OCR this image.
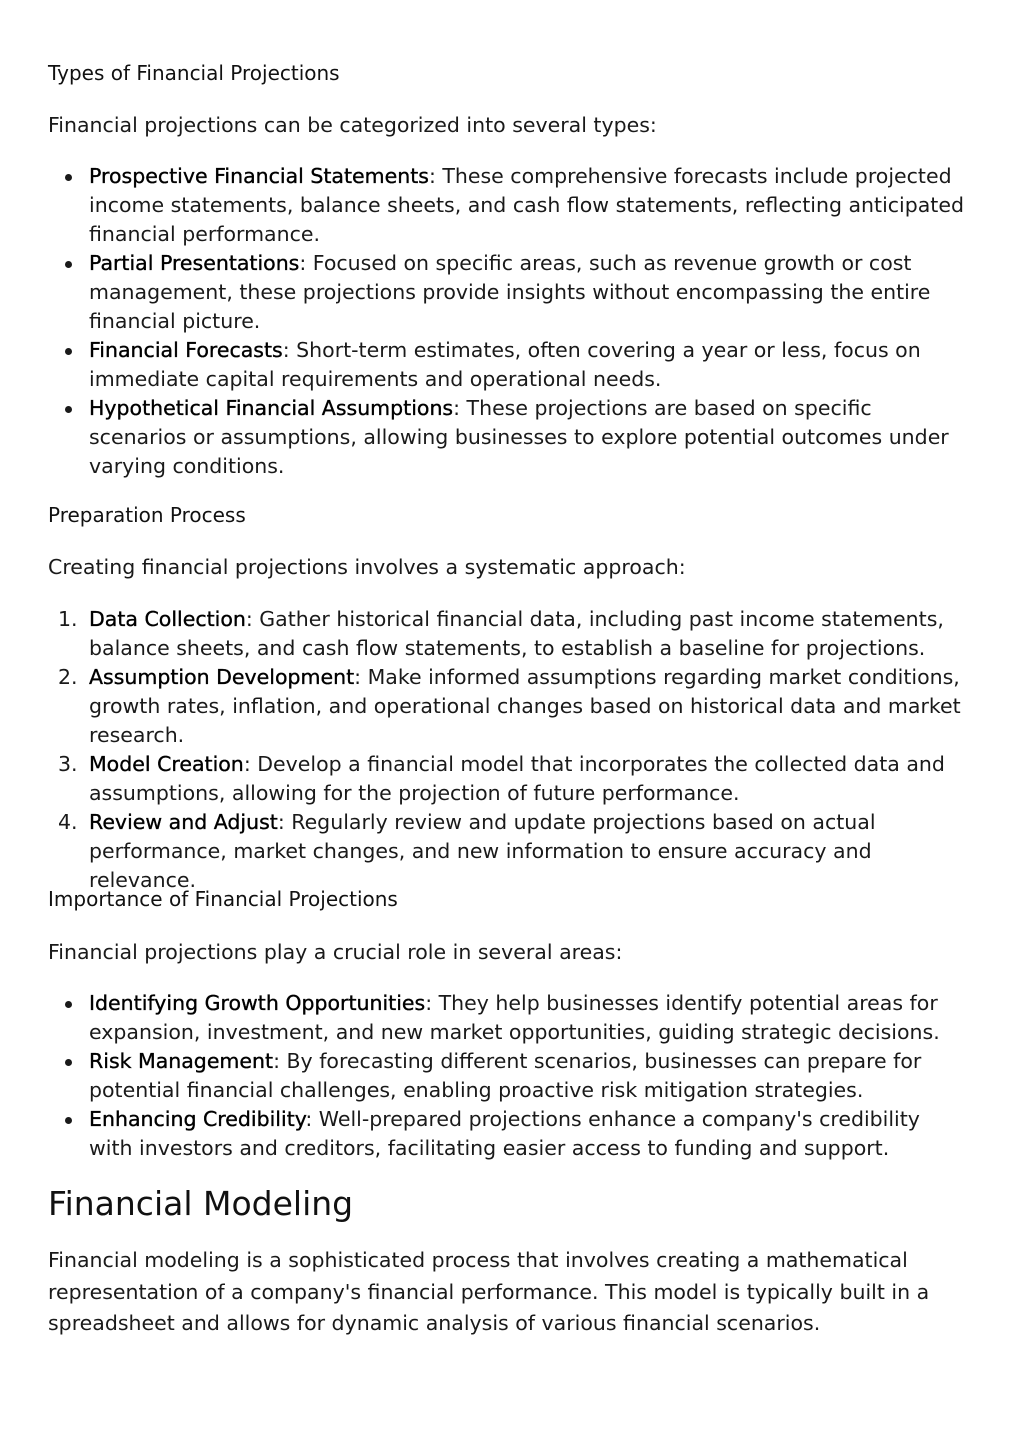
Types of Financial Projections

Financial projections can be categorized into several types:

Prospective Financial Statements: These comprehensive forecasts include projected income statements, balance sheets, and cash flow statements, reflecting anticipated financial performance.
Partial Presentations: Focused on specific areas, such as revenue growth or cost management, these projections provide insights without encompassing the entire financial picture.
Financial Forecasts: Short-term estimates, often covering a year or less, focus on immediate capital requirements and operational needs.
Hypothetical Financial Assumptions: These projections are based on specific scenarios or assumptions, allowing businesses to explore potential outcomes under varying conditions.
Preparation Process

Creating financial projections involves a systematic approach:

1. Data Collection: Gather historical financial data, including past income statements, balance sheets, and cash flow statements, to establish a baseline for projections.
2. Assumption Development: Make informed assumptions regarding market conditions, growth rates, inflation, and operational changes based on historical data and market research.
3. Model Creation: Develop a financial model that incorporates the collected data and assumptions, allowing for the projection of future performance.
4. Review and Adjust: Regularly review and update projections based on actual performance, market changes, and new information to ensure accuracy and relevance.
Importance of Financial Projections

Financial projections play a crucial role in several areas:

Identifying Growth Opportunities: They help businesses identify potential areas for expansion, investment, and new market opportunities, guiding strategic decisions.
Risk Management: By forecasting different scenarios, businesses can prepare for potential financial challenges, enabling proactive risk mitigation strategies.
Enhancing Credibility: Well-prepared projections enhance a company's credibility with investors and creditors, facilitating easier access to funding and support.
Financial Modeling

Financial modeling is a sophisticated process that involves creating a mathematical representation of a company's financial performance. This model is typically built in a spreadsheet and allows for dynamic analysis of various financial scenarios.
